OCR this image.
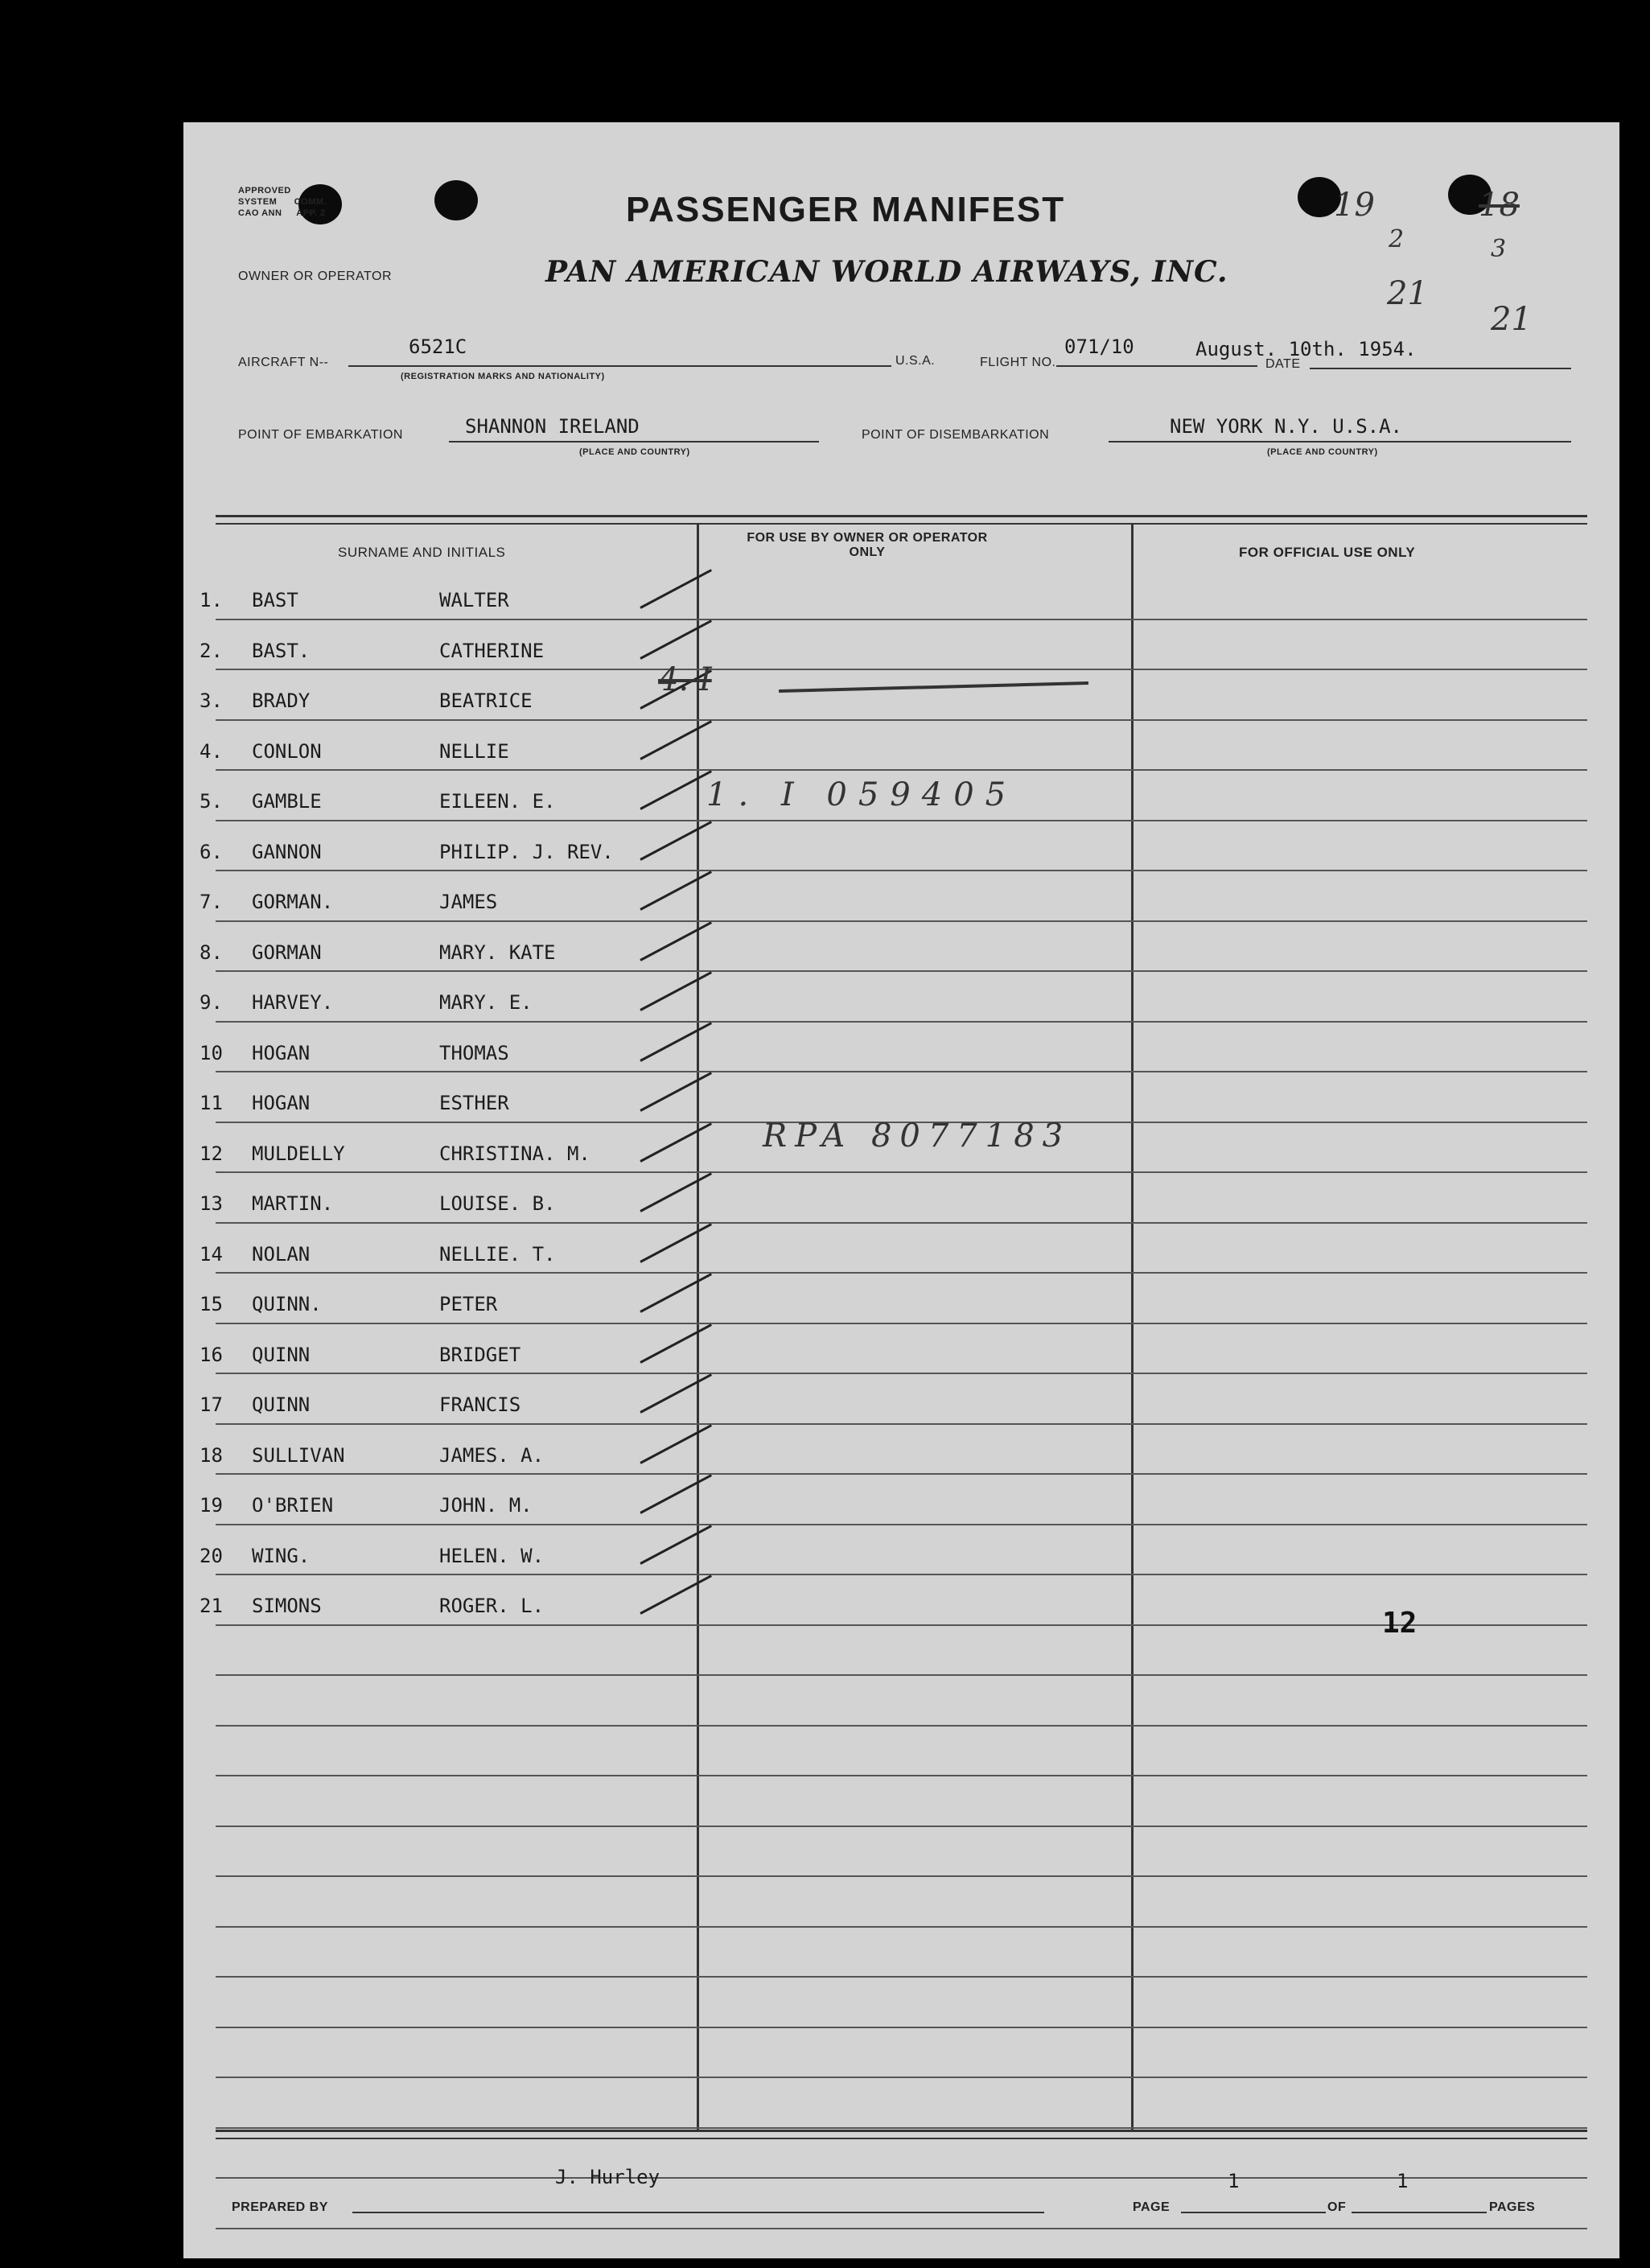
APPROVED
SYSTEM COMM.
CAO ANN APP. 2	PASSENGER MANIFEST
OWNER OR OPERATOR	PAN AMERICAN WORLD AIRWAYS, INC.
AIRCRAFT N--
6521C
(REGISTRATION MARKS AND NATIONALITY)
U.S.A.	FLIGHT NO.
071/10
DATE
August. 10th. 1954.
POINT OF EMBARKATION	SHANNON IRELAND
(PLACE AND COUNTRY)
POINT OF DISEMBARKATION	NEW YORK N.Y. U.S.A.
(PLACE AND COUNTRY)
19	18
2	3
21
21
SURNAME AND INITIALS
FOR USE BY OWNER OR OPERATOR ONLY	FOR OFFICIAL USE ONLY
1. BAST	WALTER
2. BAST.	CATHERINE
3. BRADY	BEATRICE
4. CONLON	NELLIE
5. GAMBLE	EILEEN. E.
6. GANNON	PHILIP. J. REV.
7. GORMAN.	JAMES
8. GORMAN	MARY. KATE
9. HARVEY.	MARY. E.
10 HOGAN	THOMAS
11 HOGAN	ESTHER
12 MULDELLY	CHRISTINA. M.
13 MARTIN.	LOUISE. B.
14 NOLAN	NELLIE. T.
15 QUINN.	PETER
16 QUINN	BRIDGET
17 QUINN	FRANCIS
18 SULLIVAN	JAMES. A.
19 O'BRIEN	JOHN. M.
20 WING.	HELEN. W.
21 SIMONS	ROGER. L.
4. I
1. I 059405
RPA 8077183
12
PREPARED BY
J. Hurley
PAGE
1
OF
1
PAGES
